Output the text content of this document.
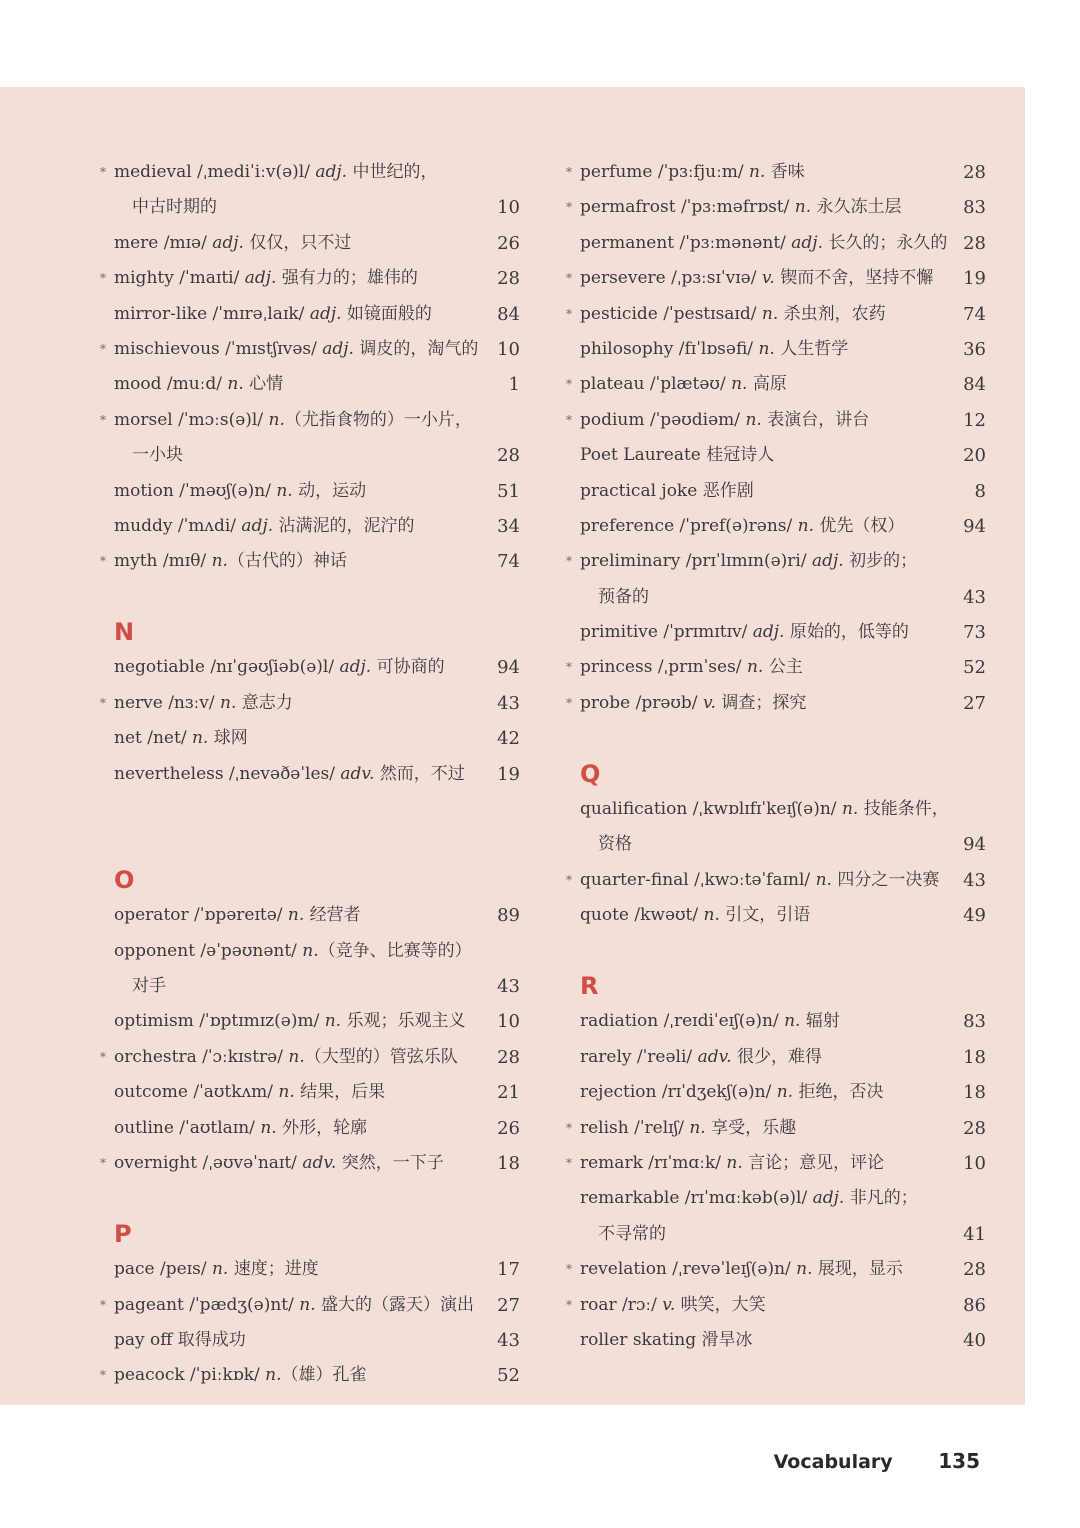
* medieval /ˌmediˈiːv(ə)l/ adj. 中世纪的，
中古时期的	10
mere /mɪə/ adj. 仅仅，只不过	26
* mighty /ˈmaɪti/ adj. 强有力的；雄伟的	28
mirror-like /ˈmɪrəˌlaɪk/ adj. 如镜面般的	84
* mischievous /ˈmɪstʃɪvəs/ adj. 调皮的，淘气的 10
mood /muːd/ n. 心情	1
* morsel /ˈmɔːs(ə)l/ n.（尤指食物的）一小片，
一小块	28
motion /ˈməʊʃ(ə)n/ n. 动，运动	51
muddy /ˈmʌdi/ adj. 沾满泥的，泥泞的	34
* myth /mɪθ/ n.（古代的）神话	74
N
negotiable /nɪˈɡəʊʃiəb(ə)l/ adj. 可协商的	94
* nerve /nɜːv/ n. 意志力	43
net /net/ n. 球网	42
nevertheless /ˌnevəðəˈles/ adv. 然而，不过 19
O
operator /ˈɒpəreɪtə/ n. 经营者	89
opponent /əˈpəʊnənt/ n.（竞争、比赛等的）
对手	43
optimism /ˈɒptɪmɪz(ə)m/ n. 乐观；乐观主义 10
* orchestra /ˈɔːkɪstrə/ n.（大型的）管弦乐队 28
outcome /ˈaʊtkʌm/ n. 结果，后果	21
outline /ˈaʊtlaɪn/ n. 外形，轮廓	26
* overnight /ˌəʊvəˈnaɪt/ adv. 突然，一下子	18
P
pace /peɪs/ n. 速度；进度	17
* pageant /ˈpædʒ(ə)nt/ n. 盛大的（露天）演出 27
pay off 取得成功	43
* peacock /ˈpiːkɒk/ n.（雄）孔雀	52
* perfume /ˈpɜːfjuːm/ n. 香味	28
* permafrost /ˈpɜːməfrɒst/ n. 永久冻土层	83
permanent /ˈpɜːmənənt/ adj. 长久的；永久的 28
* persevere /ˌpɜːsɪˈvɪə/ v. 锲而不舍，坚持不懈 19
* pesticide /ˈpestɪsaɪd/ n. 杀虫剂，农药	74
philosophy /fɪˈlɒsəfi/ n. 人生哲学	36
* plateau /ˈplætəʊ/ n. 高原	84
* podium /ˈpəʊdiəm/ n. 表演台，讲台	12
Poet Laureate 桂冠诗人	20
practical joke 恶作剧	8
preference /ˈpref(ə)rəns/ n. 优先（权）	94
* preliminary /prɪˈlɪmɪn(ə)ri/ adj. 初步的；
预备的	43
primitive /ˈprɪmɪtɪv/ adj. 原始的，低等的	73
* princess /ˌprɪnˈses/ n. 公主	52
* probe /prəʊb/ v. 调查；探究	27
Q
qualification /ˌkwɒlɪfɪˈkeɪʃ(ə)n/ n. 技能条件，
资格	94
* quarter-final /ˌkwɔːtəˈfaɪnl/ n. 四分之一决赛 43
quote /kwəʊt/ n. 引文，引语	49
R
radiation /ˌreɪdiˈeɪʃ(ə)n/ n. 辐射	83
rarely /ˈreəli/ adv. 很少，难得	18
rejection /rɪˈdʒekʃ(ə)n/ n. 拒绝，否决	18
* relish /ˈrelɪʃ/ n. 享受，乐趣	28
* remark /rɪˈmɑːk/ n. 言论；意见，评论	10
remarkable /rɪˈmɑːkəb(ə)l/ adj. 非凡的；
不寻常的	41
* revelation /ˌrevəˈleɪʃ(ə)n/ n. 展现，显示	28
* roar /rɔː/ v. 哄笑，大笑	86
roller skating 滑旱冰	40
Vocabulary 135
